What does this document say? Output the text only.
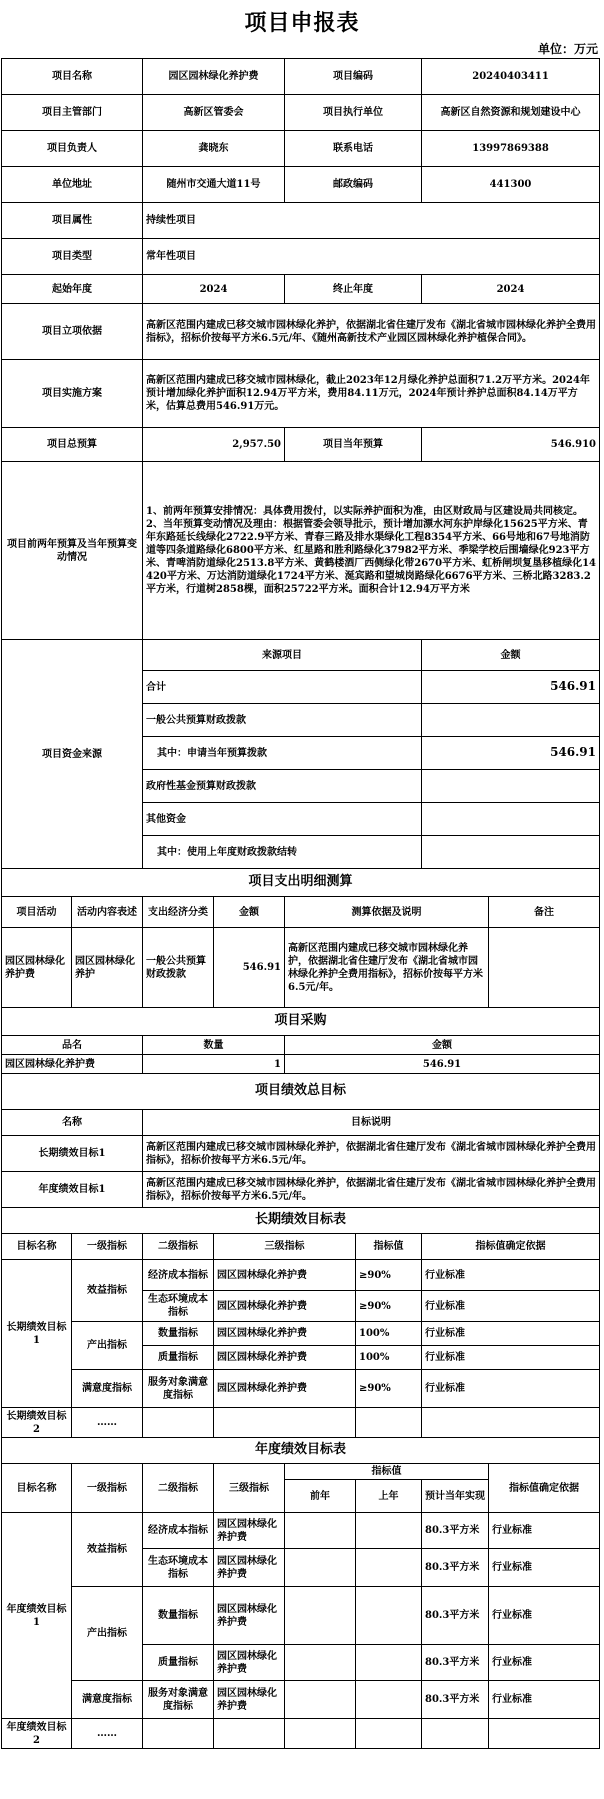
项目申报表
单位：万元
项目名称		园区园林绿化养护费		项目编码		20240403411	
项目主管部门		高新区管委会		项目执行单位		高新区自然资源和规划建设中心	
项目负责人		龚晓东		联系电话		13997869388	
单位地址		随州市交通大道11号		邮政编码		441300	
项目属性		持续性项目					
项目类型		常年性项目					
起始年度		2024		终止年度		2024	
项目立项依据		高新区范围内建成已移交城市园林绿化养护，依据湖北省住建厅发布《湖北省城市园林绿化养护全费用指标》，招标价按每平方米6.5元/年、《随州高新技术产业园区园林绿化养护植保合同》。					
项目实施方案		高新区范围内建成已移交城市园林绿化，截止2023年12月绿化养护总面积71.2万平方米。2024年预计增加绿化养护面积12.94万平方米，费用84.11万元，2024年预计养护总面积84.14万平方米，估算总费用546.91万元。					
项目总预算		2,957.50		项目当年预算		546.910	
项目前两年预算及当年预算变动情况		1、前两年预算安排情况：具体费用拨付，以实际养护面积为准，由区财政局与区建设局共同核定。
2、当年预算变动情况及理由：根据管委会领导批示，预计增加漂水河东护岸绿化15625平方米、青年东路延长线绿化2722.9平方米、青春三路及排水渠绿化工程8354平方米、66号地和67号地消防道等四条道路绿化6800平方米、红星路和胜利路绿化37982平方米、季梁学校后围墙绿化923平方米、青啤消防道绿化2513.8平方米、黄鹤楼酒厂西侧绿化带2670平方米、虹桥闸坝复垦移植绿化14420平方米、万达消防道绿化1724平方米、涎宾路和望城岗路绿化6676平方米、三桥北路3283.2平方米，行道树2858棵，面积25722平方米。面积合计12.94万平方米					
项目资金来源		来源项目				金额	
		合计				546.91	
		一般公共预算财政拨款					
		其中：申请当年预算拨款				546.91	
		政府性基金预算财政拨款					
		其他资金					
		其中：使用上年度财政拨款结转					
项目支出明细测算							
项目活动	活动内容表述	支出经济分类	金额	测算依据及说明			备注
园区园林绿化养护费	园区园林绿化养护	一般公共预算财政拨款	546.91	高新区范围内建成已移交城市园林绿化养护，依据湖北省住建厅发布《湖北省城市园林绿化养护全费用指标》，招标价按每平方米6.5元/年。			
项目采购							
品名		数量		金额			
园区园林绿化养护费		1		546.91			
项目绩效总目标							
名称		目标说明					
长期绩效目标1		高新区范围内建成已移交城市园林绿化养护，依据湖北省住建厅发布《湖北省城市园林绿化养护全费用指标》，招标价按每平方米6.5元/年。					
年度绩效目标1		高新区范围内建成已移交城市园林绿化养护，依据湖北省住建厅发布《湖北省城市园林绿化养护全费用指标》，招标价按每平方米6.5元/年。					
长期绩效目标表							
目标名称	一级指标	二级指标	三级指标		指标值	指标值确定依据	
长期绩效目标1	效益指标	经济成本指标	园区园林绿化养护费		≥90%	行业标准	
		生态环境成本指标	园区园林绿化养护费		≥90%	行业标准	
	产出指标	数量指标	园区园林绿化养护费		100%	行业标准	
		质量指标	园区园林绿化养护费		100%	行业标准	
	满意度指标	服务对象满意度指标	园区园林绿化养护费		≥90%	行业标准	
长期绩效目标2	……						
年度绩效目标表							
目标名称	一级指标	二级指标	三级指标	指标值			指标值确定依据
				前年	上年	预计当年实现	
年度绩效目标1	效益指标	经济成本指标	园区园林绿化养护费			80.3平方米	行业标准
		生态环境成本指标	园区园林绿化养护费			80.3平方米	行业标准
	产出指标	数量指标	园区园林绿化养护费			80.3平方米	行业标准
		质量指标	园区园林绿化养护费			80.3平方米	行业标准
	满意度指标	服务对象满意度指标	园区园林绿化养护费			80.3平方米	行业标准
年度绩效目标2	……						
